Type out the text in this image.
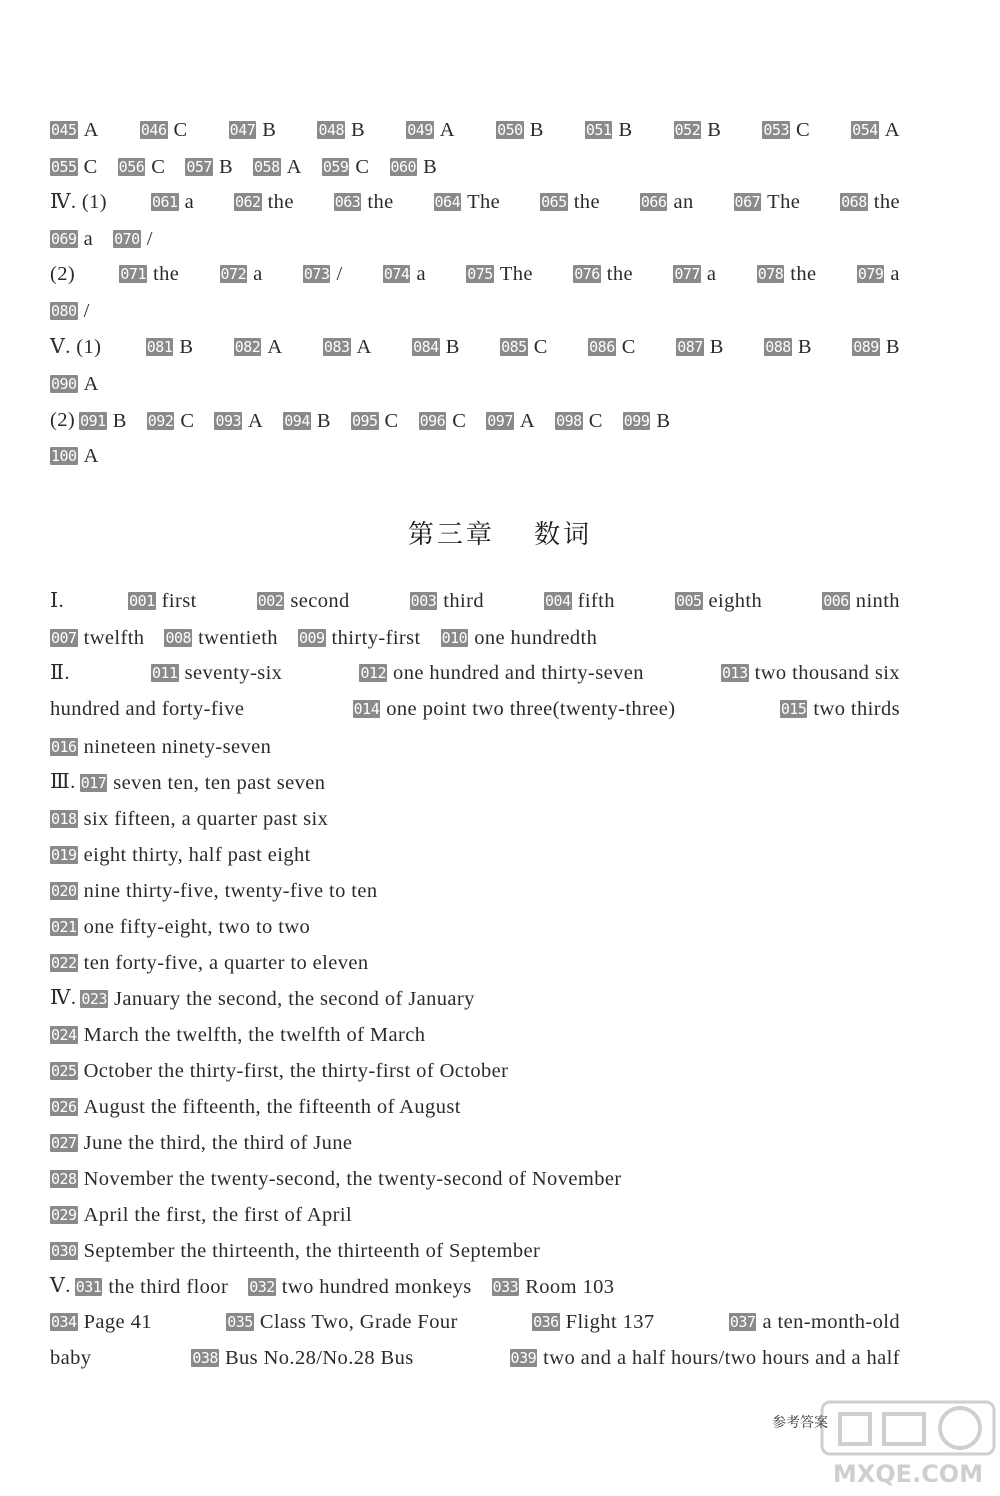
第三章 数词
045 A	046 C	047 B	048 B	049 A	050 B	051 B	052 B	053 C	054 A
055 C 056 C 057 B 058 A 059 C 060 B
Ⅳ. (1)	061 a	062 the	063 the	064 The	065 the	066 an	067 The	068 the
069 a 070 /
(2)	071 the	072 a	073 /	074 a	075 The	076 the	077 a	078 the	079 a
080 /
Ⅴ. (1)	081 B	082 A	083 A	084 B	085 C	086 C	087 B	088 B	089 B
090 A
(2) 091 B 092 C 093 A 094 B 095 C 096 C 097 A 098 C 099 B
100 A
Ⅰ.	001 first	002 second	003 third	004 fifth	005 eighth	006 ninth
007 twelfth 008 twentieth 009 thirty-first 010 one hundredth
Ⅱ.	011 seventy-six	012 one hundred and thirty-seven	013 two thousand six
hundred and forty-five	014 one point two three(twenty-three)	015 two thirds
016 nineteen ninety-seven
Ⅲ. 017 seven ten, ten past seven
018 six fifteen, a quarter past six
019 eight thirty, half past eight
020 nine thirty-five, twenty-five to ten
021 one fifty-eight, two to two
022 ten forty-five, a quarter to eleven
Ⅳ. 023 January the second, the second of January
024 March the twelfth, the twelfth of March
025 October the thirty-first, the thirty-first of October
026 August the fifteenth, the fifteenth of August
027 June the third, the third of June
028 November the twenty-second, the twenty-second of November
029 April the first, the first of April
030 September the thirteenth, the thirteenth of September
Ⅴ. 031 the third floor 032 two hundred monkeys 033 Room 103
034 Page 41	035 Class Two, Grade Four	036 Flight 137	037 a ten-month-old
baby	038 Bus No.28/No.28 Bus	039 two and a half hours/two hours and a half
参考答案
MXQE.COM
